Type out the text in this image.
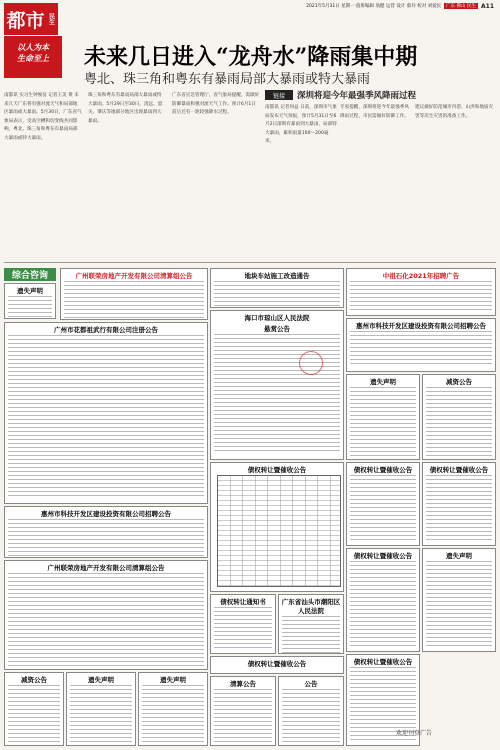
2021年5月31日 星期一 值班编辑 翁健 运营 设计 蔡玲 校对 刘爱民	广东 佛山 民生 A11
都市 民生
以人为本
生命至上	未来几日进入“龙舟水”降雨集中期
粤北、珠三角和粤东有暴雨局部大暴雨或特大暴雨
南都讯 实习生钟俊仪 记者王美 黄 未来几天广东将有强对流天气和局部地区暴雨或大暴雨。5月30日，广东省气象局表示，受高空槽和切变线共同影响，粤北、珠三角和粤东有暴雨局部大暴雨或特大暴雨。
珠三角和粤东有暴雨局部大暴雨或特大暴雨。5月29日至30日，清远、韶关、肇庆等地部分地区出现暴雨到大暴雨。
广东省应急管理厅、省气象局提醒，需做好防御暴雨和强对流天气工作。预计6月1日前后还有一轮较强降水过程。
链接	深圳将迎今年最强季风降雨过程
南都讯 记者何益 日前，深圳市气象局发布天气预报，预计5月31日至6月2日深圳有暴雨到大暴雨，局部特大暴雨，累积雨量100～200毫米。
专家提醒，深圳将迎今年最强季风降雨过程，市民需做好防御工作。
建议做好防范城市内涝、山洪和地质灾害等次生灾害的准备工作。
综合咨询
遗失声明
广州市花都祖武行有限公司注册公告
广州联荣房地产开发有限公司清算组公告
惠州市科技开发区建设投资有限公司招聘公告
广州联荣房地产开发有限公司清算组公告
减资公告	遗失声明	遗失声明
地块车站施工改造通告
海口市琼山区人民法院
悬赏公告
债权转让暨催收公告
债权转让通知书	广东省汕头市潮阳区人民法院
债权转让暨催收公告
清算公告	公告
中祖石化2021年招聘广告
惠州市科技开发区建设投资有限公司招聘公告
遗失声明	减资公告
债权转让暨催收公告	债权转让暨催收公告
债权转让暨催收公告	遗失声明
债权转让暨催收公告
欢迎刊登广告
